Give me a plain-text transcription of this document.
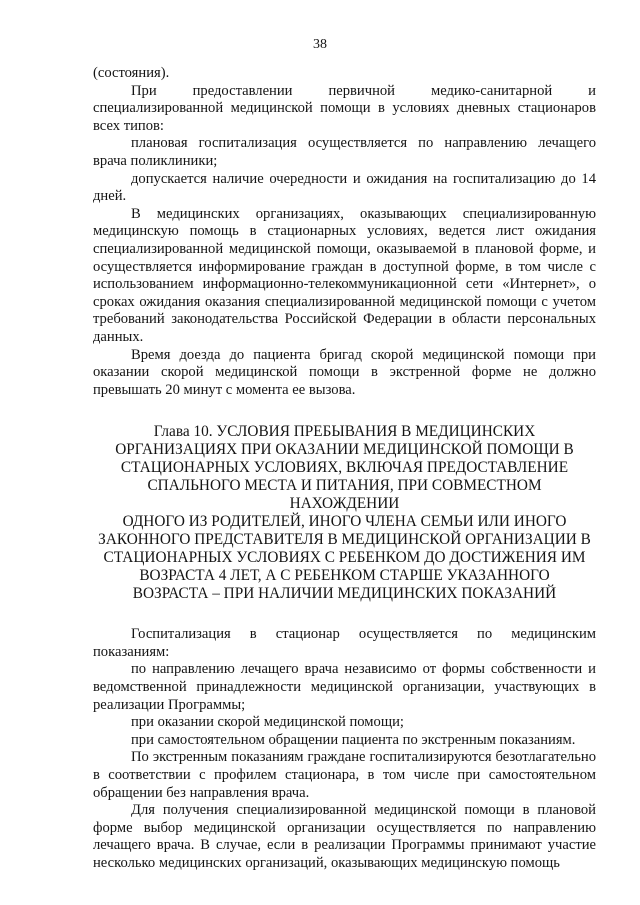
38

(состояния).

При предоставлении первичной медико-санитарной и специализированной медицинской помощи в условиях дневных стационаров всех типов:

плановая госпитализация осуществляется по направлению лечащего врача поликлиники;

допускается наличие очередности и ожидания на госпитализацию до 14 дней.

В медицинских организациях, оказывающих специализированную медицинскую помощь в стационарных условиях, ведется лист ожидания специализированной медицинской помощи, оказываемой в плановой форме, и осуществляется информирование граждан в доступной форме, в том числе с использованием информационно-телекоммуникационной сети «Интернет», о сроках ожидания оказания специализированной медицинской помощи с учетом требований законодательства Российской Федерации в области персональных данных.

Время доезда до пациента бригад скорой медицинской помощи при оказании скорой медицинской помощи в экстренной форме не должно превышать 20 минут с момента ее вызова.

Глава 10. УСЛОВИЯ ПРЕБЫВАНИЯ В МЕДИЦИНСКИХ
ОРГАНИЗАЦИЯХ ПРИ ОКАЗАНИИ МЕДИЦИНСКОЙ ПОМОЩИ В
СТАЦИОНАРНЫХ УСЛОВИЯХ, ВКЛЮЧАЯ ПРЕДОСТАВЛЕНИЕ
СПАЛЬНОГО МЕСТА И ПИТАНИЯ, ПРИ СОВМЕСТНОМ НАХОЖДЕНИИ
ОДНОГО ИЗ РОДИТЕЛЕЙ, ИНОГО ЧЛЕНА СЕМЬИ ИЛИ ИНОГО
ЗАКОННОГО ПРЕДСТАВИТЕЛЯ В МЕДИЦИНСКОЙ ОРГАНИЗАЦИИ В
СТАЦИОНАРНЫХ УСЛОВИЯХ С РЕБЕНКОМ ДО ДОСТИЖЕНИЯ ИМ
ВОЗРАСТА 4 ЛЕТ, А С РЕБЕНКОМ СТАРШЕ УКАЗАННОГО
ВОЗРАСТА – ПРИ НАЛИЧИИ МЕДИЦИНСКИХ ПОКАЗАНИЙ

Госпитализация в стационар осуществляется по медицинским показаниям:

по направлению лечащего врача независимо от формы собственности и ведомственной принадлежности медицинской организации, участвующих в реализации Программы;

при оказании скорой медицинской помощи;

при самостоятельном обращении пациента по экстренным показаниям.

По экстренным показаниям граждане госпитализируются безотлагательно в соответствии с профилем стационара, в том числе при самостоятельном обращении без направления врача.

Для получения специализированной медицинской помощи в плановой форме выбор медицинской организации осуществляется по направлению лечащего врача. В случае, если в реализации Программы принимают участие несколько медицинских организаций, оказывающих медицинскую помощь
